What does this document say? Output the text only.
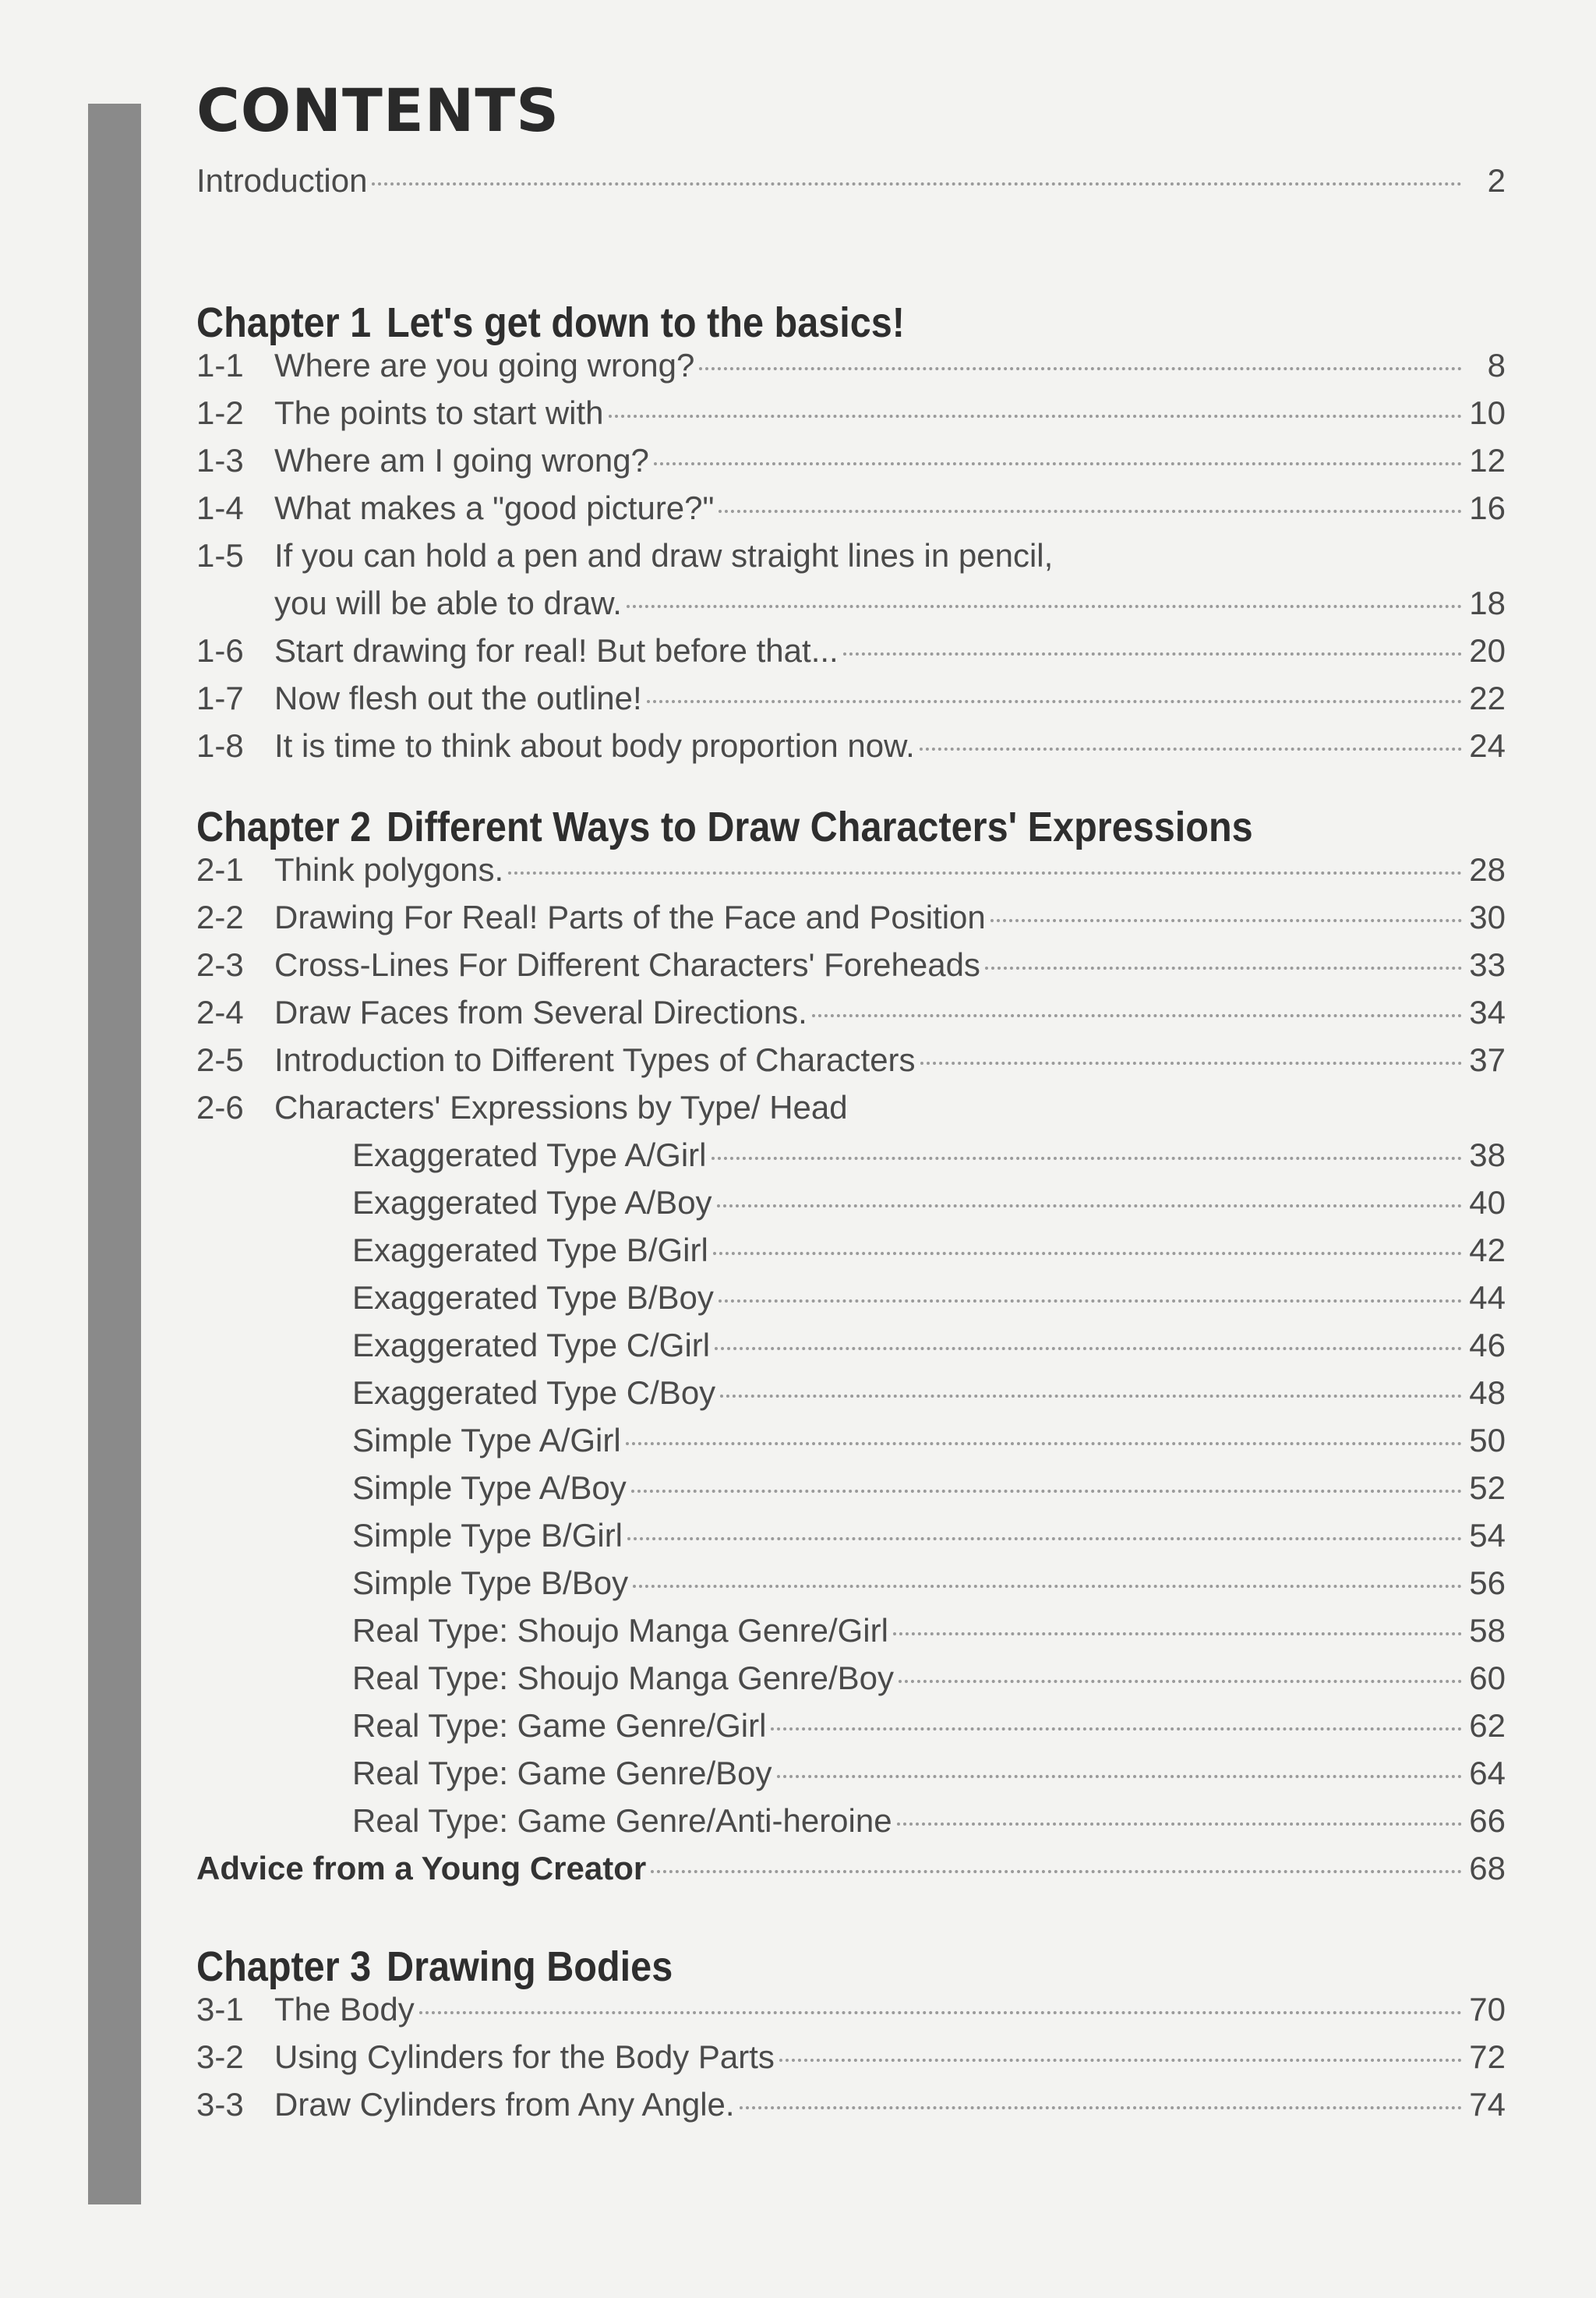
CONTENTS
Introduction	2
Chapter 1 Let's get down to the basics!
1-1 Where are you going wrong?	8
1-2 The points to start with	10
1-3 Where am I going wrong?	12
1-4 What makes a "good picture?"	16
1-5 If you can hold a pen and draw straight lines in pencil,
you will be able to draw.	18
1-6 Start drawing for real! But before that...	20
1-7 Now flesh out the outline!	22
1-8 It is time to think about body proportion now.	24
Chapter 2 Different Ways to Draw Characters' Expressions
2-1 Think polygons.	28
2-2 Drawing For Real! Parts of the Face and Position	30
2-3 Cross-Lines For Different Characters' Foreheads	33
2-4 Draw Faces from Several Directions.	34
2-5 Introduction to Different Types of Characters	37
2-6 Characters' Expressions by Type/ Head
Exaggerated Type A/Girl	38
Exaggerated Type A/Boy	40
Exaggerated Type B/Girl	42
Exaggerated Type B/Boy	44
Exaggerated Type C/Girl	46
Exaggerated Type C/Boy	48
Simple Type A/Girl	50
Simple Type A/Boy	52
Simple Type B/Girl	54
Simple Type B/Boy	56
Real Type: Shoujo Manga Genre/Girl	58
Real Type: Shoujo Manga Genre/Boy	60
Real Type: Game Genre/Girl	62
Real Type: Game Genre/Boy	64
Real Type: Game Genre/Anti-heroine	66
Advice from a Young Creator	68
Chapter 3 Drawing Bodies
3-1 The Body	70
3-2 Using Cylinders for the Body Parts	72
3-3 Draw Cylinders from Any Angle.	74
